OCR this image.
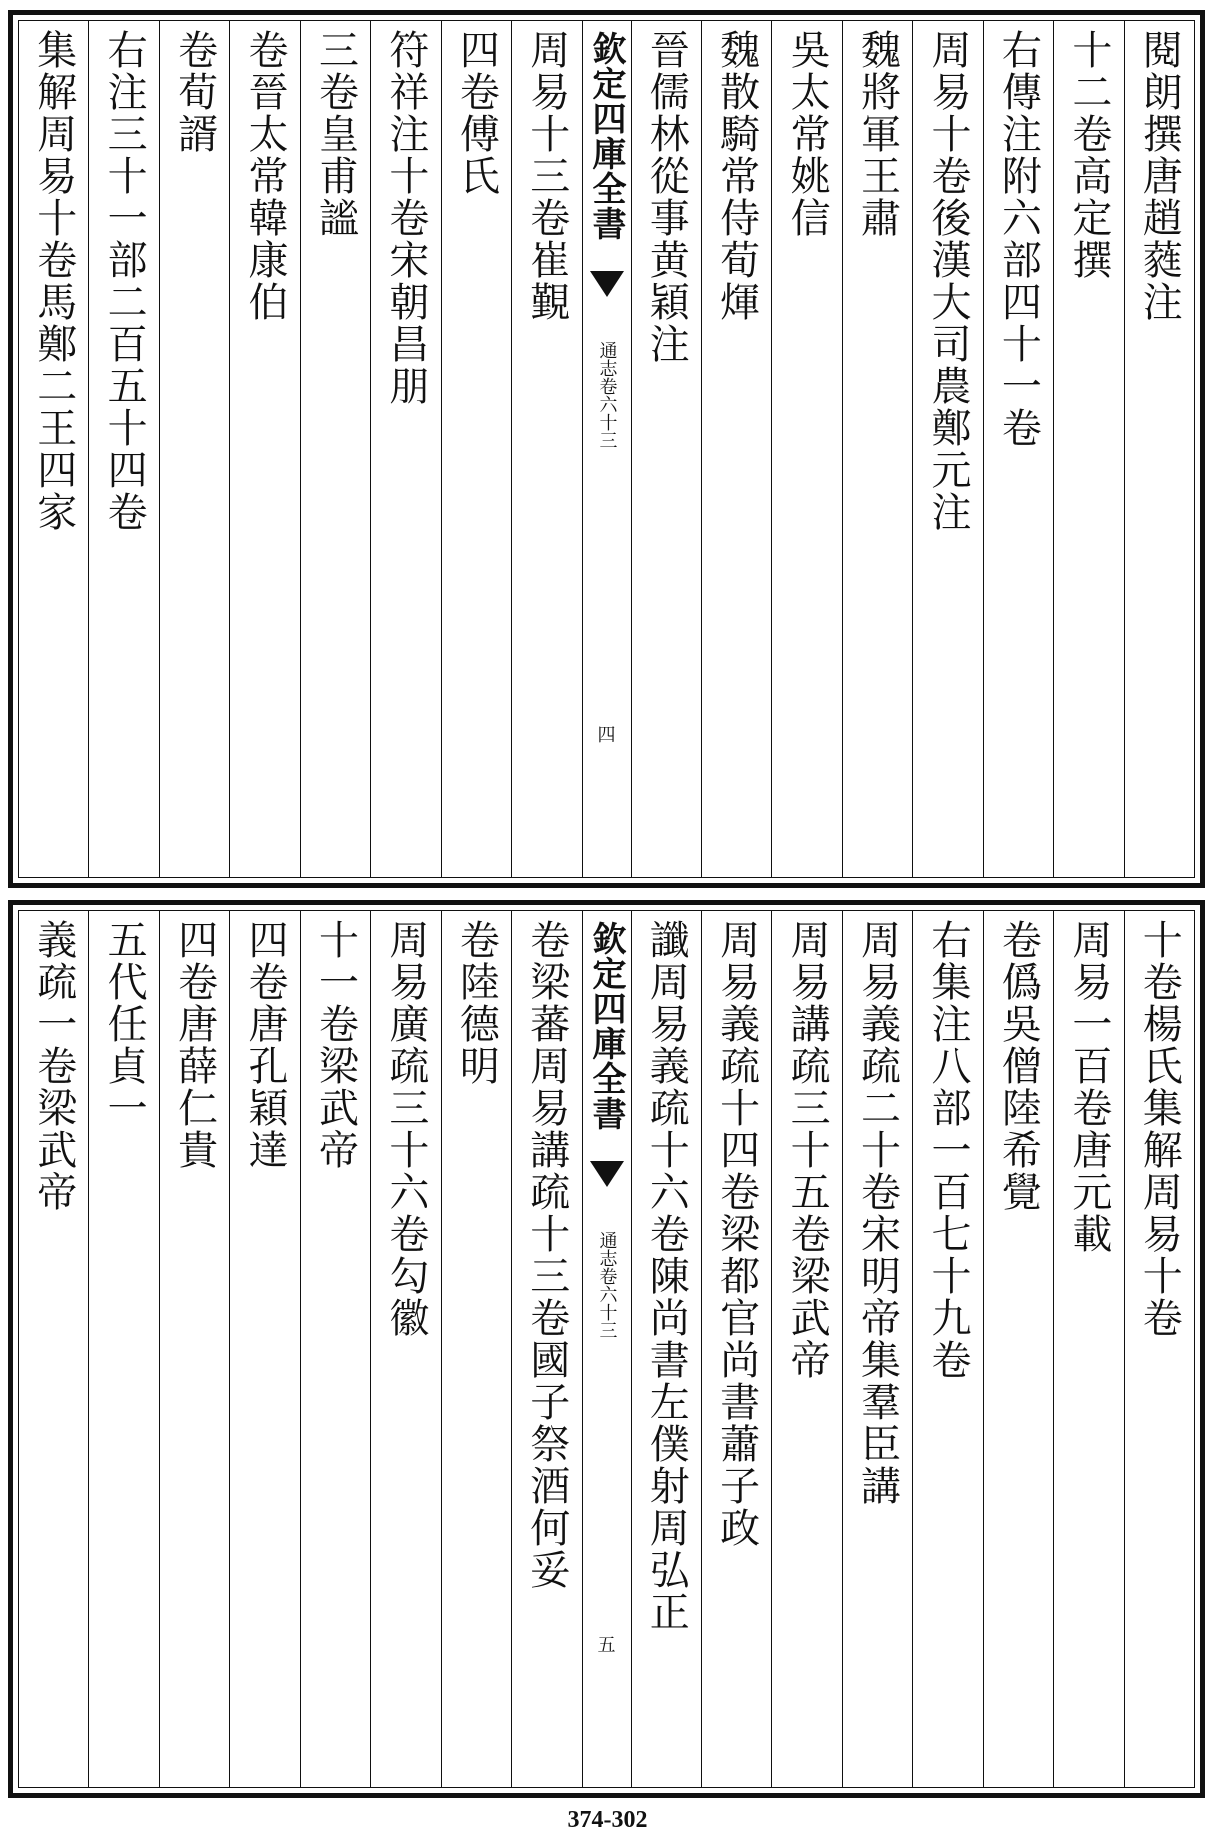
閱朗撰唐趙蕤注
十二卷高定撰
右傳注附六部四十一卷
周易十卷後漢大司農鄭元注
魏將軍王肅
吳太常姚信
魏散騎常侍荀煇
晉儒林從事黄穎注
欽定四庫全書
通志卷六十三
四
周易十三卷崔覲
四卷傅氏
符祥注十卷宋朝昌朋
三卷皇甫謐
卷晉太常韓康伯
卷荀諝
右注三十一部二百五十四卷
集解周易十卷馬鄭二王四家
十卷楊氏集解周易十卷
周易一百卷唐元載
卷僞吳僧陸希覺
右集注八部一百七十九卷
周易義疏二十卷宋明帝集羣臣講
周易講疏三十五卷梁武帝
周易義疏十四卷梁都官尚書蕭子政
讖周易義疏十六卷陳尚書左僕射周弘正
欽定四庫全書
通志卷六十三
五
卷梁蕃周易講疏十三卷國子祭酒何妥
卷陸德明
周易廣疏三十六卷勾徽
十一卷梁武帝
四卷唐孔穎達
四卷唐薛仁貴
五代任貞一
義疏一卷梁武帝
374-302
